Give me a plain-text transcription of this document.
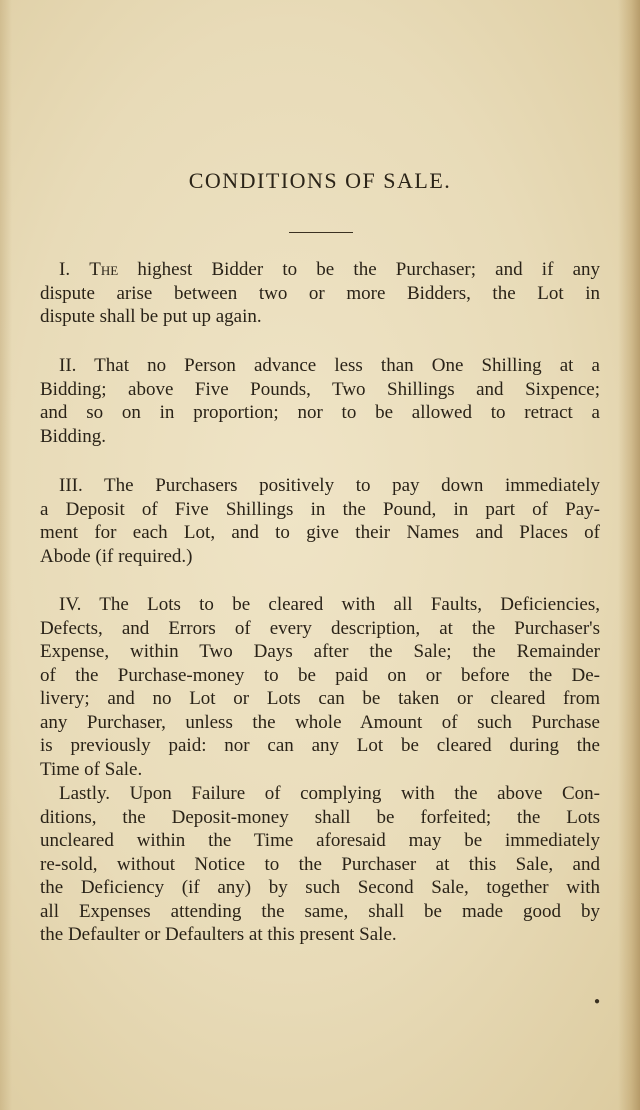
CONDITIONS OF SALE.
I. The highest Bidder to be the Purchaser; and if any
dispute arise between two or more Bidders, the Lot in
dispute shall be put up again.
II. That no Person advance less than One Shilling at a
Bidding; above Five Pounds, Two Shillings and Sixpence;
and so on in proportion; nor to be allowed to retract a
Bidding.
III. The Purchasers positively to pay down immediately
a Deposit of Five Shillings in the Pound, in part of Pay-
ment for each Lot, and to give their Names and Places of
Abode (if required.)
IV. The Lots to be cleared with all Faults, Deficiencies,
Defects, and Errors of every description, at the Purchaser's
Expense, within Two Days after the Sale; the Remainder
of the Purchase-money to be paid on or before the De-
livery; and no Lot or Lots can be taken or cleared from
any Purchaser, unless the whole Amount of such Purchase
is previously paid: nor can any Lot be cleared during the
Time of Sale.
Lastly. Upon Failure of complying with the above Con-
ditions, the Deposit-money shall be forfeited; the Lots
uncleared within the Time aforesaid may be immediately
re-sold, without Notice to the Purchaser at this Sale, and
the Deficiency (if any) by such Second Sale, together with
all Expenses attending the same, shall be made good by
the Defaulter or Defaulters at this present Sale.
●
